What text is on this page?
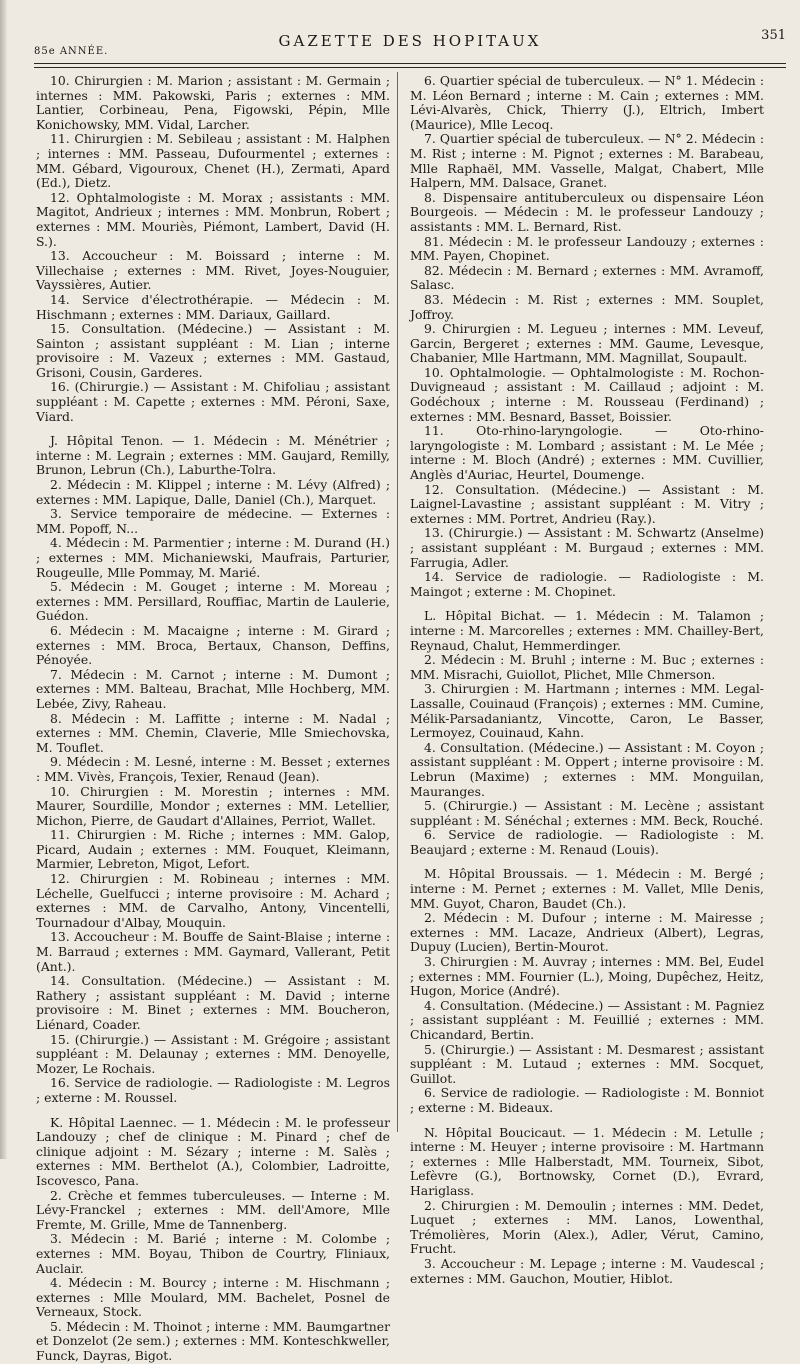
85e ANNÉE.
GAZETTE DES HOPITAUX	351

10. Chirurgien : M. Marion ; assistant : M. Germain ; internes : MM. Pakowski, Paris ; externes : MM. Lantier, Corbineau, Pena, Figowski, Pépin, Mlle Konichowsky, MM. Vidal, Larcher.

11. Chirurgien : M. Sebileau ; assistant : M. Halphen ; internes : MM. Passeau, Dufourmentel ; externes : MM. Gébard, Vigouroux, Chenet (H.), Zermati, Apard (Ed.), Dietz.

12. Ophtalmologiste : M. Morax ; assistants : MM. Magitot, Andrieux ; internes : MM. Monbrun, Robert ; externes : MM. Mouriès, Piémont, Lambert, David (H. S.).

13. Accoucheur : M. Boissard ; interne : M. Villechaise ; externes : MM. Rivet, Joyes-Nouguier, Vayssières, Autier.

14. Service d'électrothérapie. — Médecin : M. Hischmann ; externes : MM. Dariaux, Gaillard.

15. Consultation. (Médecine.) — Assistant : M. Sainton ; assistant suppléant : M. Lian ; interne provisoire : M. Vazeux ; externes : MM. Gastaud, Grisoni, Cousin, Garderes.

16. (Chirurgie.) — Assistant : M. Chifoliau ; assistant suppléant : M. Capette ; externes : MM. Péroni, Saxe, Viard.

J. Hôpital Tenon. — 1. Médecin : M. Ménétrier ; interne : M. Legrain ; externes : MM. Gaujard, Remilly, Brunon, Lebrun (Ch.), Laburthe-Tolra.

2. Médecin : M. Klippel ; interne : M. Lévy (Alfred) ; externes : MM. Lapique, Dalle, Daniel (Ch.), Marquet.

3. Service temporaire de médecine. — Externes : MM. Popoff, N...

4. Médecin : M. Parmentier ; interne : M. Durand (H.) ; externes : MM. Michaniewski, Maufrais, Parturier, Rougeulle, Mlle Pommay, M. Marié.

5. Médecin : M. Gouget ; interne : M. Moreau ; externes : MM. Persillard, Rouffiac, Martin de Laulerie, Guédon.

6. Médecin : M. Macaigne ; interne : M. Girard ; externes : MM. Broca, Bertaux, Chanson, Deffins, Pénoyée.

7. Médecin : M. Carnot ; interne : M. Dumont ; externes : MM. Balteau, Brachat, Mlle Hochberg, MM. Lebée, Zivy, Raheau.

8. Médecin : M. Laffitte ; interne : M. Nadal ; externes : MM. Chemin, Claverie, Mlle Smiechovska, M. Touflet.

9. Médecin : M. Lesné, interne : M. Besset ; externes : MM. Vivès, François, Texier, Renaud (Jean).

10. Chirurgien : M. Morestin ; internes : MM. Maurer, Sourdille, Mondor ; externes : MM. Letellier, Michon, Pierre, de Gaudart d'Allaines, Perriot, Wallet.

11. Chirurgien : M. Riche ; internes : MM. Galop, Picard, Audain ; externes : MM. Fouquet, Kleimann, Marmier, Lebreton, Migot, Lefort.

12. Chirurgien : M. Robineau ; internes : MM. Léchelle, Guelfucci ; interne provisoire : M. Achard ; externes : MM. de Carvalho, Antony, Vincentelli, Tournadour d'Albay, Mouquin.

13. Accoucheur : M. Bouffe de Saint-Blaise ; interne : M. Barraud ; externes : MM. Gaymard, Vallerant, Petit (Ant.).

14. Consultation. (Médecine.) — Assistant : M. Rathery ; assistant suppléant : M. David ; interne provisoire : M. Binet ; externes : MM. Boucheron, Liénard, Coader.

15. (Chirurgie.) — Assistant : M. Grégoire ; assistant suppléant : M. Delaunay ; externes : MM. Denoyelle, Mozer, Le Rochais.

16. Service de radiologie. — Radiologiste : M. Legros ; externe : M. Roussel.

K. Hôpital Laennec. — 1. Médecin : M. le professeur Landouzy ; chef de clinique : M. Pinard ; chef de clinique adjoint : M. Sézary ; interne : M. Salès ; externes : MM. Berthelot (A.), Colombier, Ladroitte, Iscovesco, Pana.

2. Crèche et femmes tuberculeuses. — Interne : M. Lévy-Franckel ; externes : MM. dell'Amore, Mlle Fremte, M. Grille, Mme de Tannenberg.

3. Médecin : M. Barié ; interne : M. Colombe ; externes : MM. Boyau, Thibon de Courtry, Fliniaux, Auclair.

4. Médecin : M. Bourcy ; interne : M. Hischmann ; externes : Mlle Moulard, MM. Bachelet, Posnel de Verneaux, Stock.

5. Médecin : M. Thoinot ; interne : MM. Baumgartner et Donzelot (2e sem.) ; externes : MM. Konteschkweller, Funck, Dayras, Bigot.

6. Quartier spécial de tuberculeux. — N° 1. Médecin : M. Léon Bernard ; interne : M. Cain ; externes : MM. Lévi-Alvarès, Chick, Thierry (J.), Eltrich, Imbert (Maurice), Mlle Lecoq.

7. Quartier spécial de tuberculeux. — N° 2. Médecin : M. Rist ; interne : M. Pignot ; externes : M. Barabeau, Mlle Raphaël, MM. Vasselle, Malgat, Chabert, Mlle Halpern, MM. Dalsace, Granet.

8. Dispensaire antituberculeux ou dispensaire Léon Bourgeois. — Médecin : M. le professeur Landouzy ; assistants : MM. L. Bernard, Rist.

81. Médecin : M. le professeur Landouzy ; externes : MM. Payen, Chopinet.

82. Médecin : M. Bernard ; externes : MM. Avramoff, Salasc.

83. Médecin : M. Rist ; externes : MM. Souplet, Joffroy.

9. Chirurgien : M. Legueu ; internes : MM. Leveuf, Garcin, Bergeret ; externes : MM. Gaume, Levesque, Chabanier, Mlle Hartmann, MM. Magnillat, Soupault.

10. Ophtalmologie. — Ophtalmologiste : M. Rochon-Duvigneaud ; assistant : M. Caillaud ; adjoint : M. Godéchoux ; interne : M. Rousseau (Ferdinand) ; externes : MM. Besnard, Basset, Boissier.

11. Oto-rhino-laryngologie. — Oto-rhino-laryngologiste : M. Lombard ; assistant : M. Le Mée ; interne : M. Bloch (André) ; externes : MM. Cuvillier, Anglès d'Auriac, Heurtel, Doumenge.

12. Consultation. (Médecine.) — Assistant : M. Laignel-Lavastine ; assistant suppléant : M. Vitry ; externes : MM. Portret, Andrieu (Ray.).

13. (Chirurgie.) — Assistant : M. Schwartz (Anselme) ; assistant suppléant : M. Burgaud ; externes : MM. Farrugia, Adler.

14. Service de radiologie. — Radiologiste : M. Maingot ; externe : M. Chopinet.

L. Hôpital Bichat. — 1. Médecin : M. Talamon ; interne : M. Marcorelles ; externes : MM. Chailley-Bert, Reynaud, Chalut, Hemmerdinger.

2. Médecin : M. Bruhl ; interne : M. Buc ; externes : MM. Misrachi, Guiollot, Plichet, Mlle Chmerson.

3. Chirurgien : M. Hartmann ; internes : MM. Legal-Lassalle, Couinaud (François) ; externes : MM. Cumine, Mélik-Parsadaniantz, Vincotte, Caron, Le Basser, Lermoyez, Couinaud, Kahn.

4. Consultation. (Médecine.) — Assistant : M. Coyon ; assistant suppléant : M. Oppert ; interne provisoire : M. Lebrun (Maxime) ; externes : MM. Monguilan, Mauranges.

5. (Chirurgie.) — Assistant : M. Lecène ; assistant suppléant : M. Sénéchal ; externes : MM. Beck, Rouché.

6. Service de radiologie. — Radiologiste : M. Beaujard ; externe : M. Renaud (Louis).

M. Hôpital Broussais. — 1. Médecin : M. Bergé ; interne : M. Pernet ; externes : M. Vallet, Mlle Denis, MM. Guyot, Charon, Baudet (Ch.).

2. Médecin : M. Dufour ; interne : M. Mairesse ; externes : MM. Lacaze, Andrieux (Albert), Legras, Dupuy (Lucien), Bertin-Mourot.

3. Chirurgien : M. Auvray ; internes : MM. Bel, Eudel ; externes : MM. Fournier (L.), Moing, Dupêchez, Heitz, Hugon, Morice (André).

4. Consultation. (Médecine.) — Assistant : M. Pagniez ; assistant suppléant : M. Feuillié ; externes : MM. Chicandard, Bertin.

5. (Chirurgie.) — Assistant : M. Desmarest ; assistant suppléant : M. Lutaud ; externes : MM. Socquet, Guillot.

6. Service de radiologie. — Radiologiste : M. Bonniot ; externe : M. Bideaux.

N. Hôpital Boucicaut. — 1. Médecin : M. Letulle ; interne : M. Heuyer ; interne provisoire : M. Hartmann ; externes : Mlle Halberstadt, MM. Tourneix, Sibot, Lefèvre (G.), Bortnowsky, Cornet (D.), Evrard, Hariglass.

2. Chirurgien : M. Demoulin ; internes : MM. Dedet, Luquet ; externes : MM. Lanos, Lowenthal, Trémolières, Morin (Alex.), Adler, Vérut, Camino, Frucht.

3. Accoucheur : M. Lepage ; interne : M. Vaudescal ; externes : MM. Gauchon, Moutier, Hiblot.
